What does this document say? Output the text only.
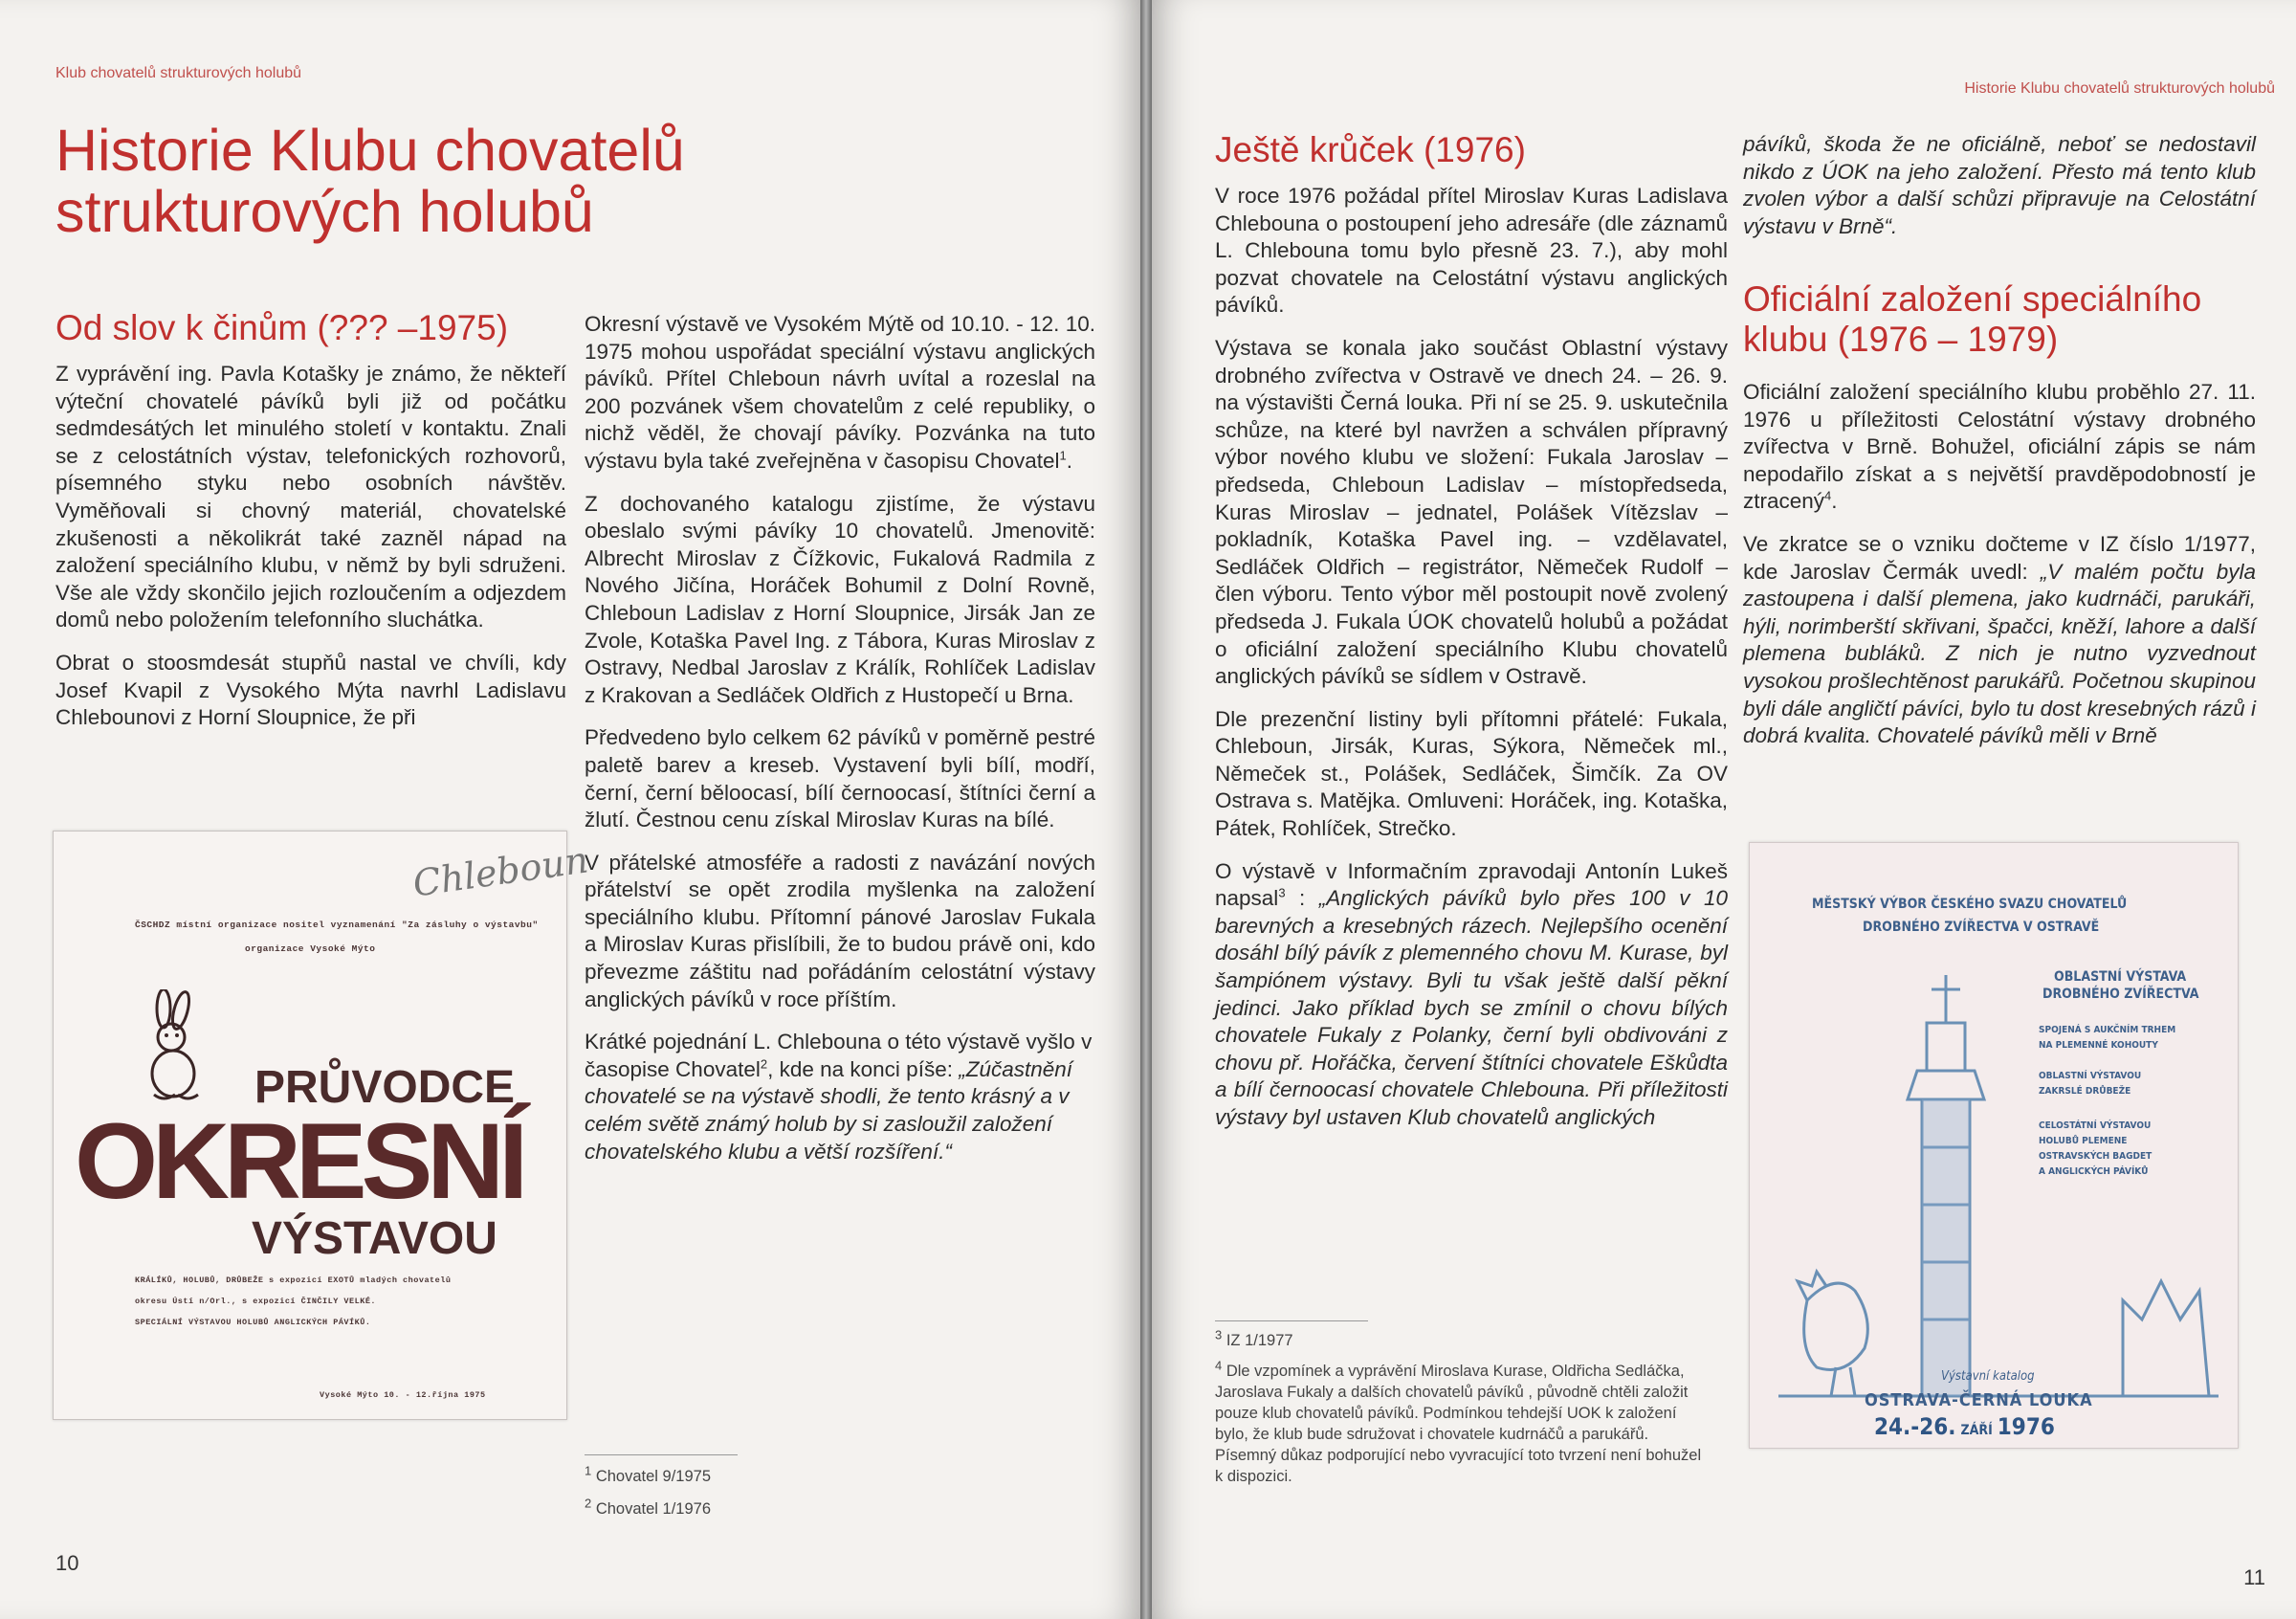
Klub chovatelů strukturových holubů
Historie Klubu chovatelů
strukturových holubů
Od slov k činům (??? –1975)

Z vyprávění ing. Pavla Kotašky je známo, že někteří výteční chovatelé pávíků byli již od počátku sedmdesátých let minulého století v kontaktu. Znali se z celostátních výstav, telefonických rozhovorů, písemného styku nebo osobních návštěv. Vyměňovali si chovný materiál, chovatelské zkušenosti a několikrát také zazněl nápad na založení speciálního klubu, v němž by byli sdruženi. Vše ale vždy skončilo jejich rozloučením a odjezdem domů nebo položením telefonního sluchátka.

Obrat o stoosmdesát stupňů nastal ve chvíli, kdy Josef Kvapil z Vysokého Mýta navrhl Ladislavu Chlebounovi z Horní Sloupnice, že při

Chleboun
ČSCHDZ místní organizace nositel vyznamenání "Za zásluhy o výstavbu"
organizace Vysoké Mýto
PRŮVODCE
OKRESNÍ
VÝSTAVOU
KRÁLÍKŮ, HOLUBŮ, DRŮBEŽE s expozicí EXOTŮ mladých chovatelů
okresu Ústí n/Orl., s expozicí ČINČILY VELKÉ.
SPECIÁLNÍ VÝSTAVOU HOLUBŮ ANGLICKÝCH PÁVÍKŮ.
Vysoké Mýto 10. - 12.října 1975

Okresní výstavě ve Vysokém Mýtě od 10.10. - 12. 10. 1975 mohou uspořádat speciální výstavu anglických pávíků. Přítel Chleboun návrh uvítal a rozeslal na 200 pozvánek všem chovatelům z celé republiky, o nichž věděl, že chovají pávíky. Pozvánka na tuto výstavu byla také zveřejněna v časopisu Chovatel$^1$.

Z dochovaného katalogu zjistíme, že výstavu obeslalo svými pávíky 10 chovatelů. Jmenovitě: Albrecht Miroslav z Čížkovic, Fukalová Radmila z Nového Jičína, Horáček Bohumil z Dolní Rovně, Chleboun Ladislav z Horní Sloupnice, Jirsák Jan ze Zvole, Kotaška Pavel Ing. z Tábora, Kuras Miroslav z Ostravy, Nedbal Jaroslav z Králík, Rohlíček Ladislav z Krakovan a Sedláček Oldřich z Hustopečí u Brna.

Předvedeno bylo celkem 62 pávíků v poměrně pestré paletě barev a kreseb. Vystavení byli bílí, modří, černí, černí běloocasí, bílí černoocasí, štítníci černí a žlutí. Čestnou cenu získal Miroslav Kuras na bílé.

V přátelské atmosféře a radosti z navázání nových přátelství se opět zrodila myšlenka na založení speciálního klubu. Přítomní pánové Jaroslav Fukala a Miroslav Kuras přislíbili, že to budou právě oni, kdo převezme záštitu nad pořádáním celostátní výstavy anglických pávíků v roce příštím.

Krátké pojednání L. Chlebouna o této výstavě vyšlo v časopise Chovatel$^2$, kde na konci píše: „Zúčastnění chovatelé se na výstavě shodli, že tento krásný a v celém světě známý holub by si zasloužil založení chovatelského klubu a větší rozšíření.“

$^1$ Chovatel 9/1975
$^2$ Chovatel 1/1976
10
Historie Klubu chovatelů strukturových holubů
Ještě krůček (1976)

V roce 1976 požádal přítel Miroslav Kuras Ladislava Chlebouna o postoupení jeho adresáře (dle záznamů L. Chlebouna tomu bylo přesně 23. 7.), aby mohl pozvat chovatele na Celostátní výstavu anglických pávíků.

Výstava se konala jako součást Oblastní výstavy drobného zvířectva v Ostravě ve dnech 24. – 26. 9. na výstavišti Černá louka. Při ní se 25. 9. uskutečnila schůze, na které byl navržen a schválen přípravný výbor nového klubu ve složení: Fukala Jaroslav – předseda, Chleboun Ladislav – místopředseda, Kuras Miroslav – jednatel, Polášek Vítězslav – pokladník, Kotaška Pavel ing. – vzdělavatel, Sedláček Oldřich – registrátor, Němeček Rudolf – člen výboru. Tento výbor měl postoupit nově zvolený předseda J. Fukala ÚOK chovatelů holubů a požádat o oficiální založení speciálního Klubu chovatelů anglických pávíků se sídlem v Ostravě.

Dle prezenční listiny byli přítomni přátelé: Fukala, Chleboun, Jirsák, Kuras, Sýkora, Němeček ml., Němeček st., Polášek, Sedláček, Šimčík. Za OV Ostrava s. Matějka. Omluveni: Horáček, ing. Kotaška, Pátek, Rohlíček, Strečko.

O výstavě v Informačním zpravodaji Antonín Lukeš napsal$^3$ : „Anglických pávíků bylo přes 100 v 10 barevných a kresebných rázech. Nejlepšího ocenění dosáhl bílý pávík z plemenného chovu M. Kurase, byl šampiónem výstavy. Byli tu však ještě další pěkní jedinci. Jako příklad bych se zmínil o chovu bílých chovatele Fukaly z Polanky, černí byli obdivováni z chovu př. Hořáčka, červení štítníci chovatele Eškůdta a bílí černoocasí chovatele Chlebouna. Při příležitosti výstavy byl ustaven Klub chovatelů anglických

$^3$ IZ 1/1977
$^4$ Dle vzpomínek a vyprávění Miroslava Kurase, Oldřicha Sedláčka, Jaroslava Fukaly a dalších chovatelů pávíků , původně chtěli založit pouze klub chovatelů pávíků. Podmínkou tehdejší UOK k založení bylo, že klub bude sdružovat i chovatele kudrnáčů a parukářů. Písemný důkaz podporující nebo vyvracující toto tvrzení není bohužel k dispozici.

pávíků, škoda že ne oficiálně, neboť se nedostavil nikdo z ÚOK na jeho založení. Přesto má tento klub zvolen výbor a další schůzi připravuje na Celostátní výstavu v Brně“.

Oficiální založení speciálního klubu (1976 – 1979)

Oficiální založení speciálního klubu proběhlo 27. 11. 1976 u příležitosti Celostátní výstavy drobného zvířectva v Brně. Bohužel, oficiální zápis se nám nepodařilo získat a s největší pravděpodobností je ztracený$^4$.

Ve zkratce se o vzniku dočteme v IZ číslo 1/1977, kde Jaroslav Čermák uvedl: „V malém počtu byla zastoupena i další plemena, jako kudrnáči, parukáři, hýli, norimberští skřivani, špačci, kněží, lahore a další plemena bubláků. Z nich je nutno vyzvednout vysokou prošlechtěnost parukářů. Početnou skupinou byli dále angličtí pávíci, bylo tu dost kresebných rázů i dobrá kvalita. Chovatelé pávíků měli v Brně

MĚSTSKÝ VÝBOR ČESKÉHO SVAZU CHOVATELŮ
DROBNÉHO ZVÍŘECTVA V OSTRAVĚ
OBLASTNÍ VÝSTAVA
DROBNÉHO ZVÍŘECTVA
SPOJENÁ S AUKČNÍM TRHEM
NA PLEMENNÉ KOHOUTY
OBLASTNÍ VÝSTAVOU
ZAKRSLÉ DRŮBEŽE
CELOSTÁTNÍ VÝSTAVOU
HOLUBŮ PLEMENE
OSTRAVSKÝCH BAGDET
A ANGLICKÝCH PÁVÍKŮ
Výstavní katalog
OSTRAVA-ČERNÁ LOUKA
24.-26. ZÁŘÍ 1976
11
